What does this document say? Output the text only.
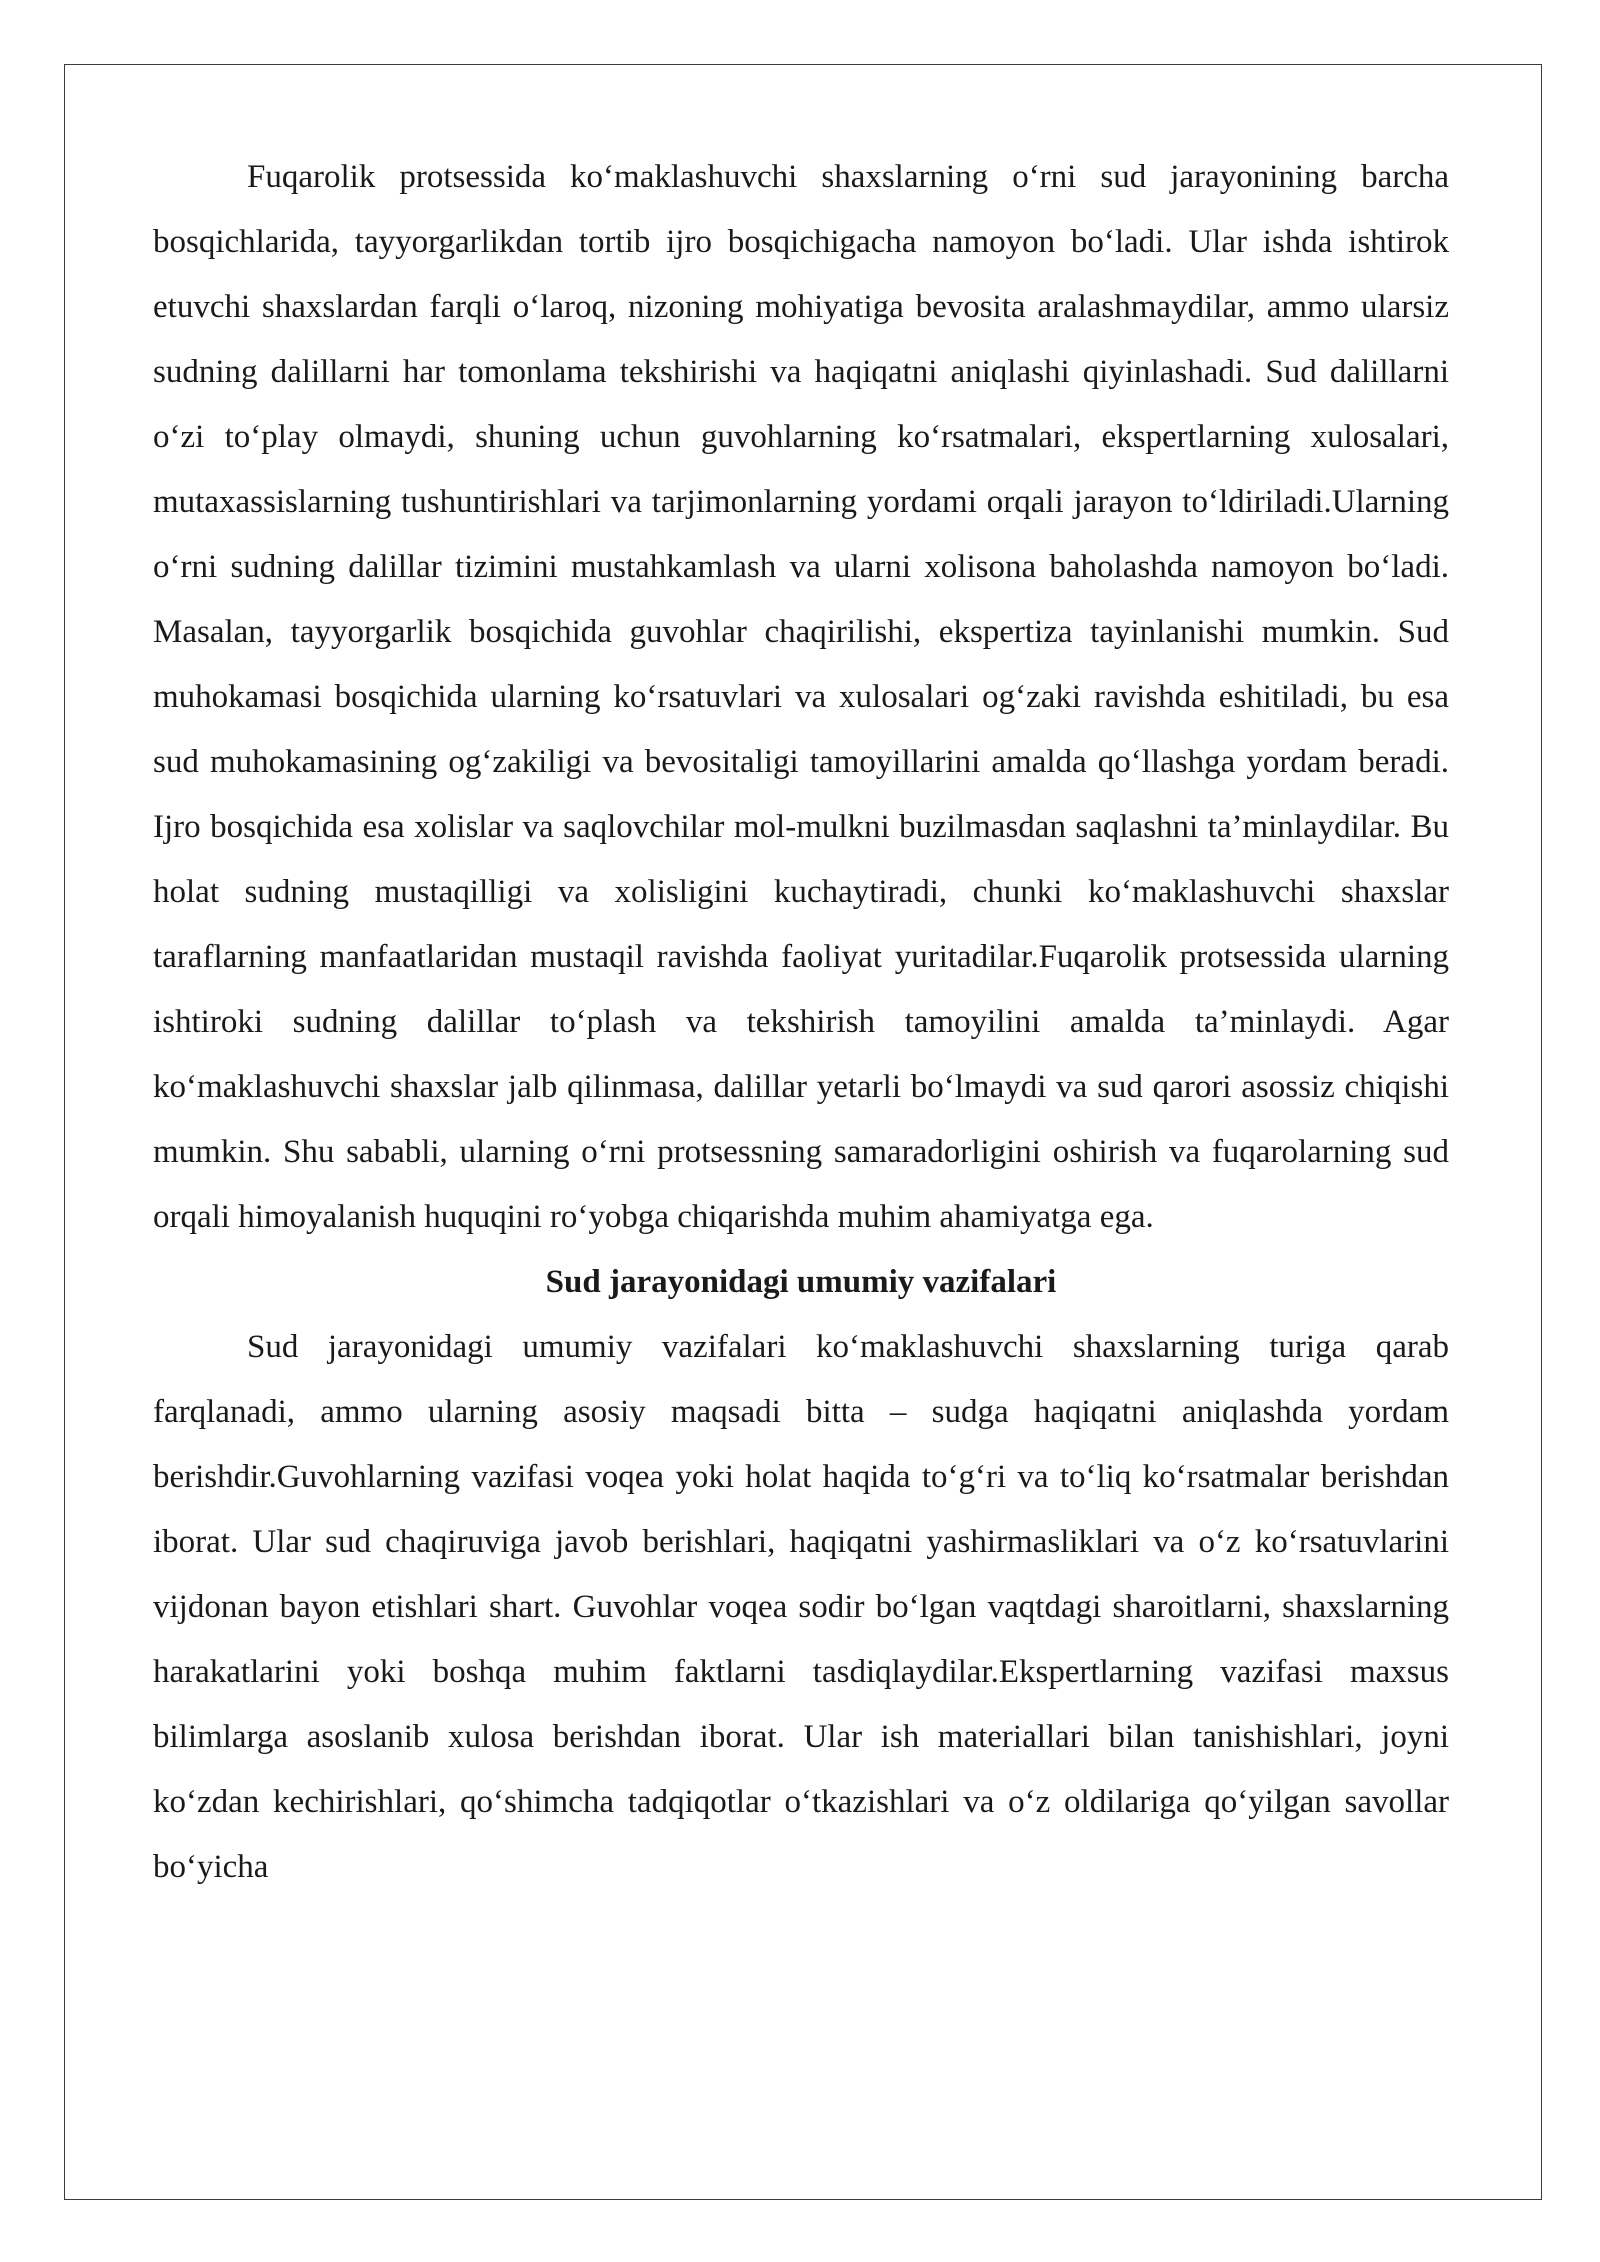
Fuqarolik protsessida ko‘maklashuvchi shaxslarning o‘rni sud jarayonining barcha bosqichlarida, tayyorgarlikdan tortib ijro bosqichigacha namoyon bo‘ladi. Ular ishda ishtirok etuvchi shaxslardan farqli o‘laroq, nizoning mohiyatiga bevosita aralashmaydilar, ammo ularsiz sudning dalillarni har tomonlama tekshirishi va haqiqatni aniqlashi qiyinlashadi. Sud dalillarni o‘zi to‘play olmaydi, shuning uchun guvohlarning ko‘rsatmalari, ekspertlarning xulosalari, mutaxassislarning tushuntirishlari va tarjimonlarning yordami orqali jarayon to‘ldiriladi.Ularning o‘rni sudning dalillar tizimini mustahkamlash va ularni xolisona baholashda namoyon bo‘ladi. Masalan, tayyorgarlik bosqichida guvohlar chaqirilishi, ekspertiza tayinlanishi mumkin. Sud muhokamasi bosqichida ularning ko‘rsatuvlari va xulosalari og‘zaki ravishda eshitiladi, bu esa sud muhokamasining og‘zakiligi va bevositaligi tamoyillarini amalda qo‘llashga yordam beradi. Ijro bosqichida esa xolislar va saqlovchilar mol-mulkni buzilmasdan saqlashni ta’minlaydilar. Bu holat sudning mustaqilligi va xolisligini kuchaytiradi, chunki ko‘maklashuvchi shaxslar taraflarning manfaatlaridan mustaqil ravishda faoliyat yuritadilar.Fuqarolik protsessida ularning ishtiroki sudning dalillar to‘plash va tekshirish tamoyilini amalda ta’minlaydi. Agar ko‘maklashuvchi shaxslar jalb qilinmasa, dalillar yetarli bo‘lmaydi va sud qarori asossiz chiqishi mumkin. Shu sababli, ularning o‘rni protsessning samaradorligini oshirish va fuqarolarning sud orqali himoyalanish huquqini ro‘yobga chiqarishda muhim ahamiyatga ega.

Sud jarayonidagi umumiy vazifalari

Sud jarayonidagi umumiy vazifalari ko‘maklashuvchi shaxslarning turiga qarab farqlanadi, ammo ularning asosiy maqsadi bitta – sudga haqiqatni aniqlashda yordam berishdir.Guvohlarning vazifasi voqea yoki holat haqida to‘g‘ri va to‘liq ko‘rsatmalar berishdan iborat. Ular sud chaqiruviga javob berishlari, haqiqatni yashirmasliklari va o‘z ko‘rsatuvlarini vijdonan bayon etishlari shart. Guvohlar voqea sodir bo‘lgan vaqtdagi sharoitlarni, shaxslarning harakatlarini yoki boshqa muhim faktlarni tasdiqlaydilar.Ekspertlarning vazifasi maxsus bilimlarga asoslanib xulosa berishdan iborat. Ular ish materiallari bilan tanishishlari, joyni ko‘zdan kechirishlari, qo‘shimcha tadqiqotlar o‘tkazishlari va o‘z oldilariga qo‘yilgan savollar bo‘yicha
